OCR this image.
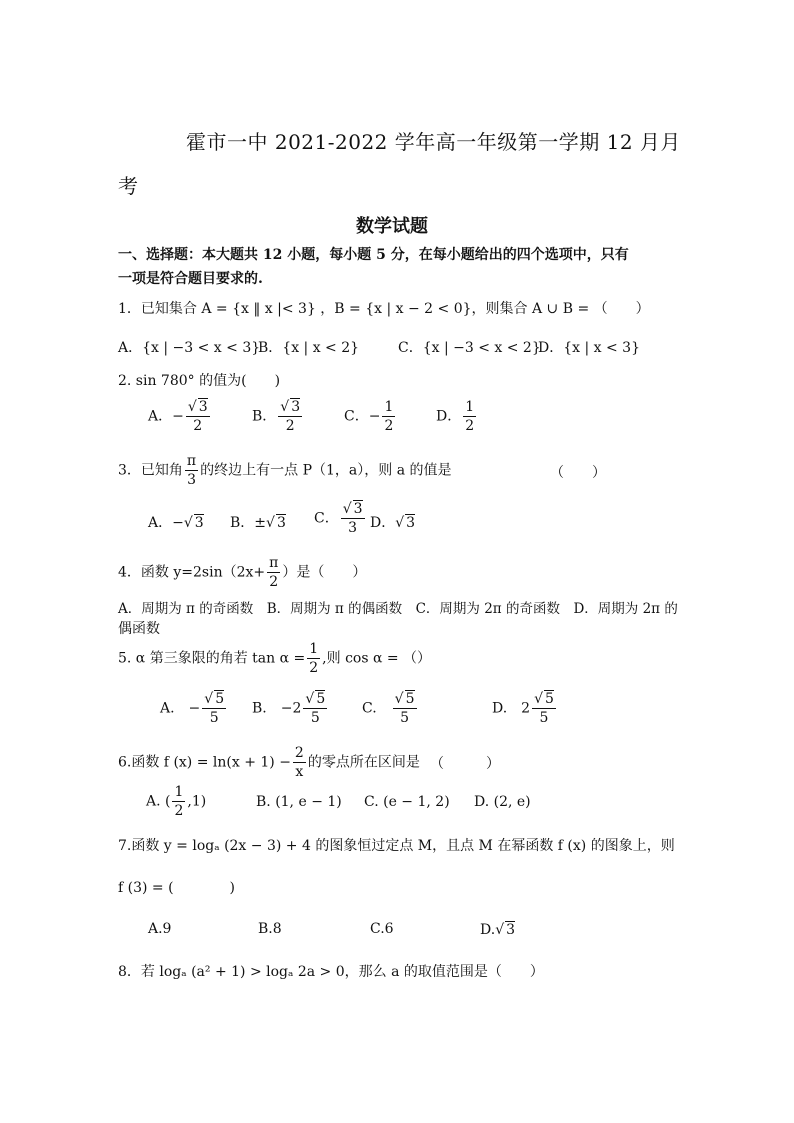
霍市一中 2021-2022 学年高一年级第一学期 12 月月
考
数学试题
一、选择题：本大题共 12 小题，每小题 5 分，在每小题给出的四个选项中，只有
一项是符合题目要求的.
1．已知集合 A = {x ‖ x |< 3} ，B = {x | x − 2 < 0}，则集合 A ∪ B = （　　）
A．{x | −3 < x < 3}
B．{x | x < 2}	C．{x | −3 < x < 2}
D．{x | x < 3}
2. sin 780° 的值为(　　)
A．− $\frac{√ 3}{2}$	B． $\frac{√ 3}{2}$	C．− $\frac{1}{2}$	D． $\frac{1}{2}$
3．已知角 $\frac{\pi}{3}$ 的终边上有一点 P（1，a），则 a 的值是	（　　）
A．−√ 3 B．±√ 3 C． $\frac{√ 3}{3}$ D．√ 3
4．函数 $y=2\sin(2x+ \frac{\pi}{2}$ ）是（　　）
A．周期为 π 的奇函数　B．周期为 π 的偶函数　C．周期为 2π 的奇函数　D．周期为 2π 的
偶函数
5. α 第三象限的角若 $\tan \alpha = \frac{1}{2}$ ,则 cos α = （）
A.　− $\frac{√ 5}{5} B$.　$-2 \frac{√ 5}{5} C$.　 $\frac{√ 5}{5}$	D.　$2 \frac{√ 5}{5}$
6.函数 f $(x) = \ln(x + 1) - \frac{2}{x}$ 的零点所在区间是 （　　　）
A. ( $\frac{1}{2} ,1$)	B. (1, e − 1) C. (e − 1, 2) D. (2, e)
7.函数 y = logₐ (2x − 3) + 4 的图象恒过定点 M，且点 M 在幂函数 f (x) 的图象上，则
f (3) = (　　　　)
A.9	B.8	C.6	D.√ 3
8．若 logₐ (a² + 1) > logₐ 2a > 0，那么 a 的取值范围是（　　）
